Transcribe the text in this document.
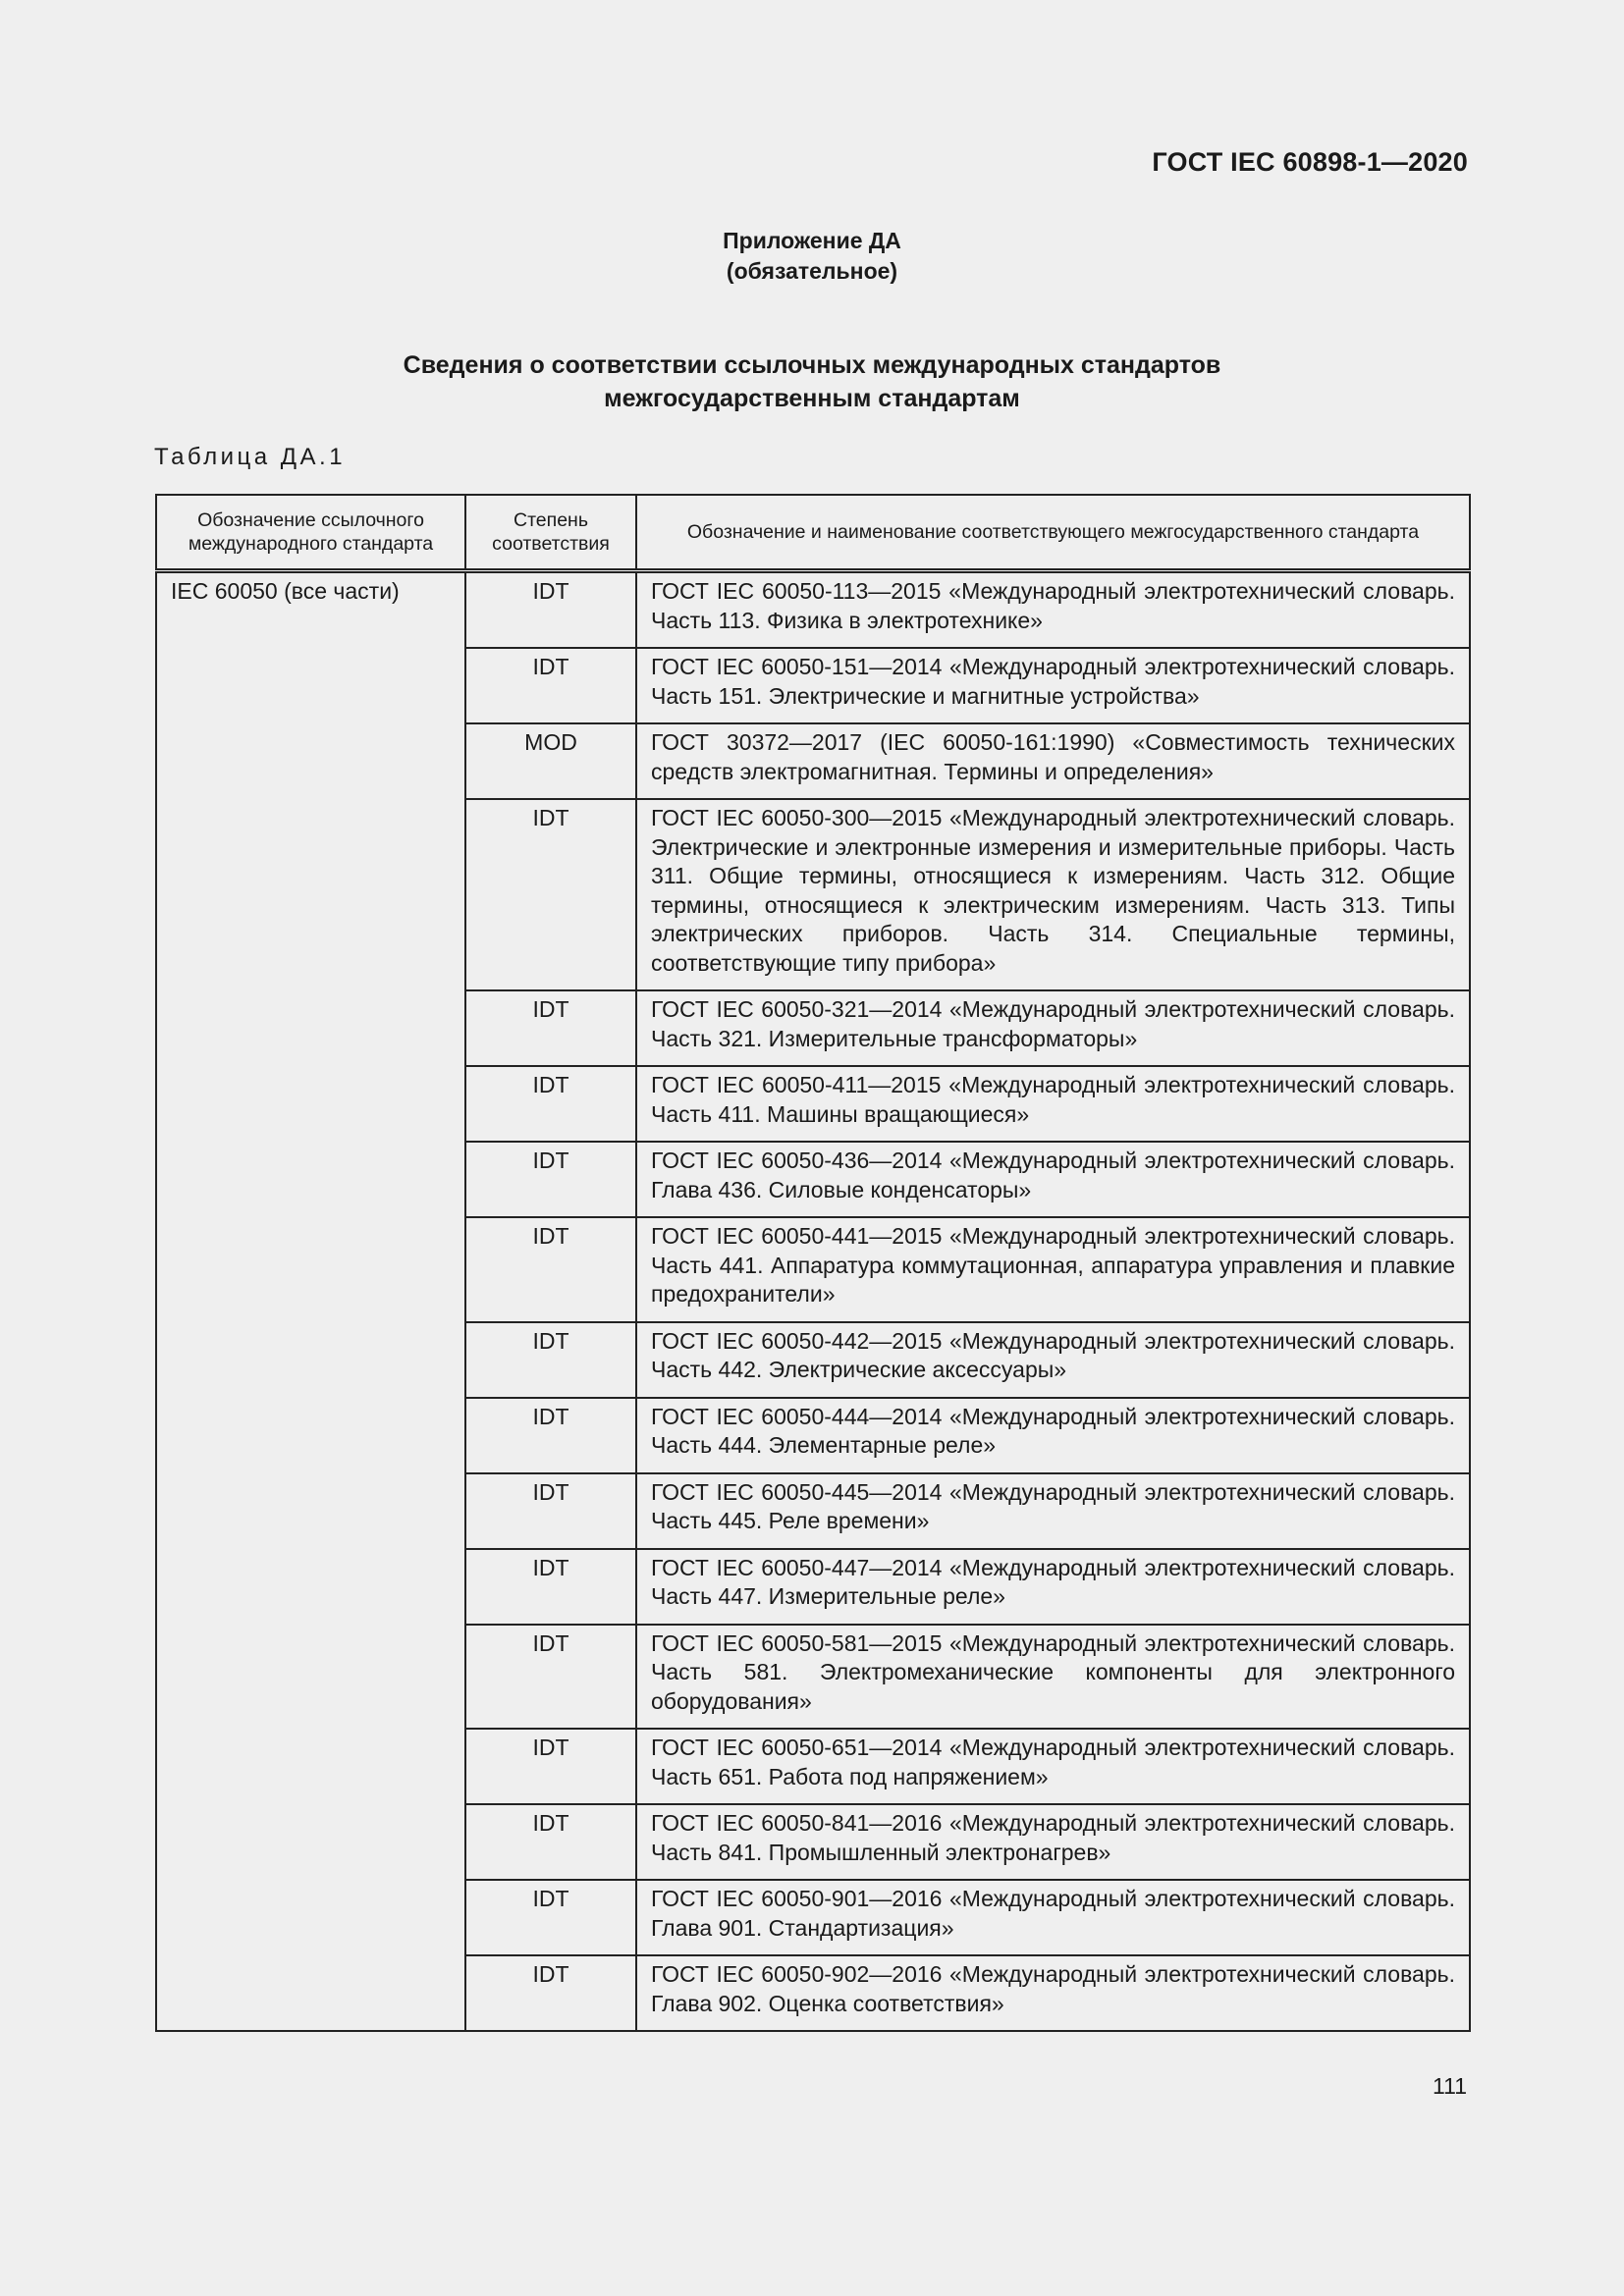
ГОСТ IEC 60898-1—2020
Приложение ДА
(обязательное)
Сведения о соответствии ссылочных международных стандартов
межгосударственным стандартам
Таблица ДА.1
Обозначение ссылочного международного стандарта	Степень соответствия	Обозначение и наименование соответствующего межгосударственного стандарта
IEC 60050 (все части)	IDT	ГОСТ IEC 60050-113—2015 «Международный электротехнический словарь. Часть 113. Физика в электротехнике»
	IDT	ГОСТ IEC 60050-151—2014 «Международный электротехнический словарь. Часть 151. Электрические и магнитные устройства»
	MOD	ГОСТ 30372—2017 (IEC 60050-161:1990) «Совместимость технических средств электромагнитная. Термины и определения»
	IDT	ГОСТ IEC 60050-300—2015 «Международный электротехнический словарь. Электрические и электронные измерения и измерительные приборы. Часть 311. Общие термины, относящиеся к измерениям. Часть 312. Общие термины, относящиеся к электрическим измерениям. Часть 313. Типы электрических приборов. Часть 314. Специальные термины, соответствующие типу прибора»
	IDT	ГОСТ IEC 60050-321—2014 «Международный электротехнический словарь. Часть 321. Измерительные трансформаторы»
	IDT	ГОСТ IEC 60050-411—2015 «Международный электротехнический словарь. Часть 411. Машины вращающиеся»
	IDT	ГОСТ IEC 60050-436—2014 «Международный электротехнический словарь. Глава 436. Силовые конденсаторы»
	IDT	ГОСТ IEC 60050-441—2015 «Международный электротехнический словарь. Часть 441. Аппаратура коммутационная, аппаратура управления и плавкие предохранители»
	IDT	ГОСТ IEC 60050-442—2015 «Международный электротехнический словарь. Часть 442. Электрические аксессуары»
	IDT	ГОСТ IEC 60050-444—2014 «Международный электротехнический словарь. Часть 444. Элементарные реле»
	IDT	ГОСТ IEC 60050-445—2014 «Международный электротехнический словарь. Часть 445. Реле времени»
	IDT	ГОСТ IEC 60050-447—2014 «Международный электротехнический словарь. Часть 447. Измерительные реле»
	IDT	ГОСТ IEC 60050-581—2015 «Международный электротехнический словарь. Часть 581. Электромеханические компоненты для электронного оборудования»
	IDT	ГОСТ IEC 60050-651—2014 «Международный электротехнический словарь. Часть 651. Работа под напряжением»
	IDT	ГОСТ IEC 60050-841—2016 «Международный электротехнический словарь. Часть 841. Промышленный электронагрев»
	IDT	ГОСТ IEC 60050-901—2016 «Международный электротехнический словарь. Глава 901. Стандартизация»
	IDT	ГОСТ IEC 60050-902—2016 «Международный электротехнический словарь. Глава 902. Оценка соответствия»
111
